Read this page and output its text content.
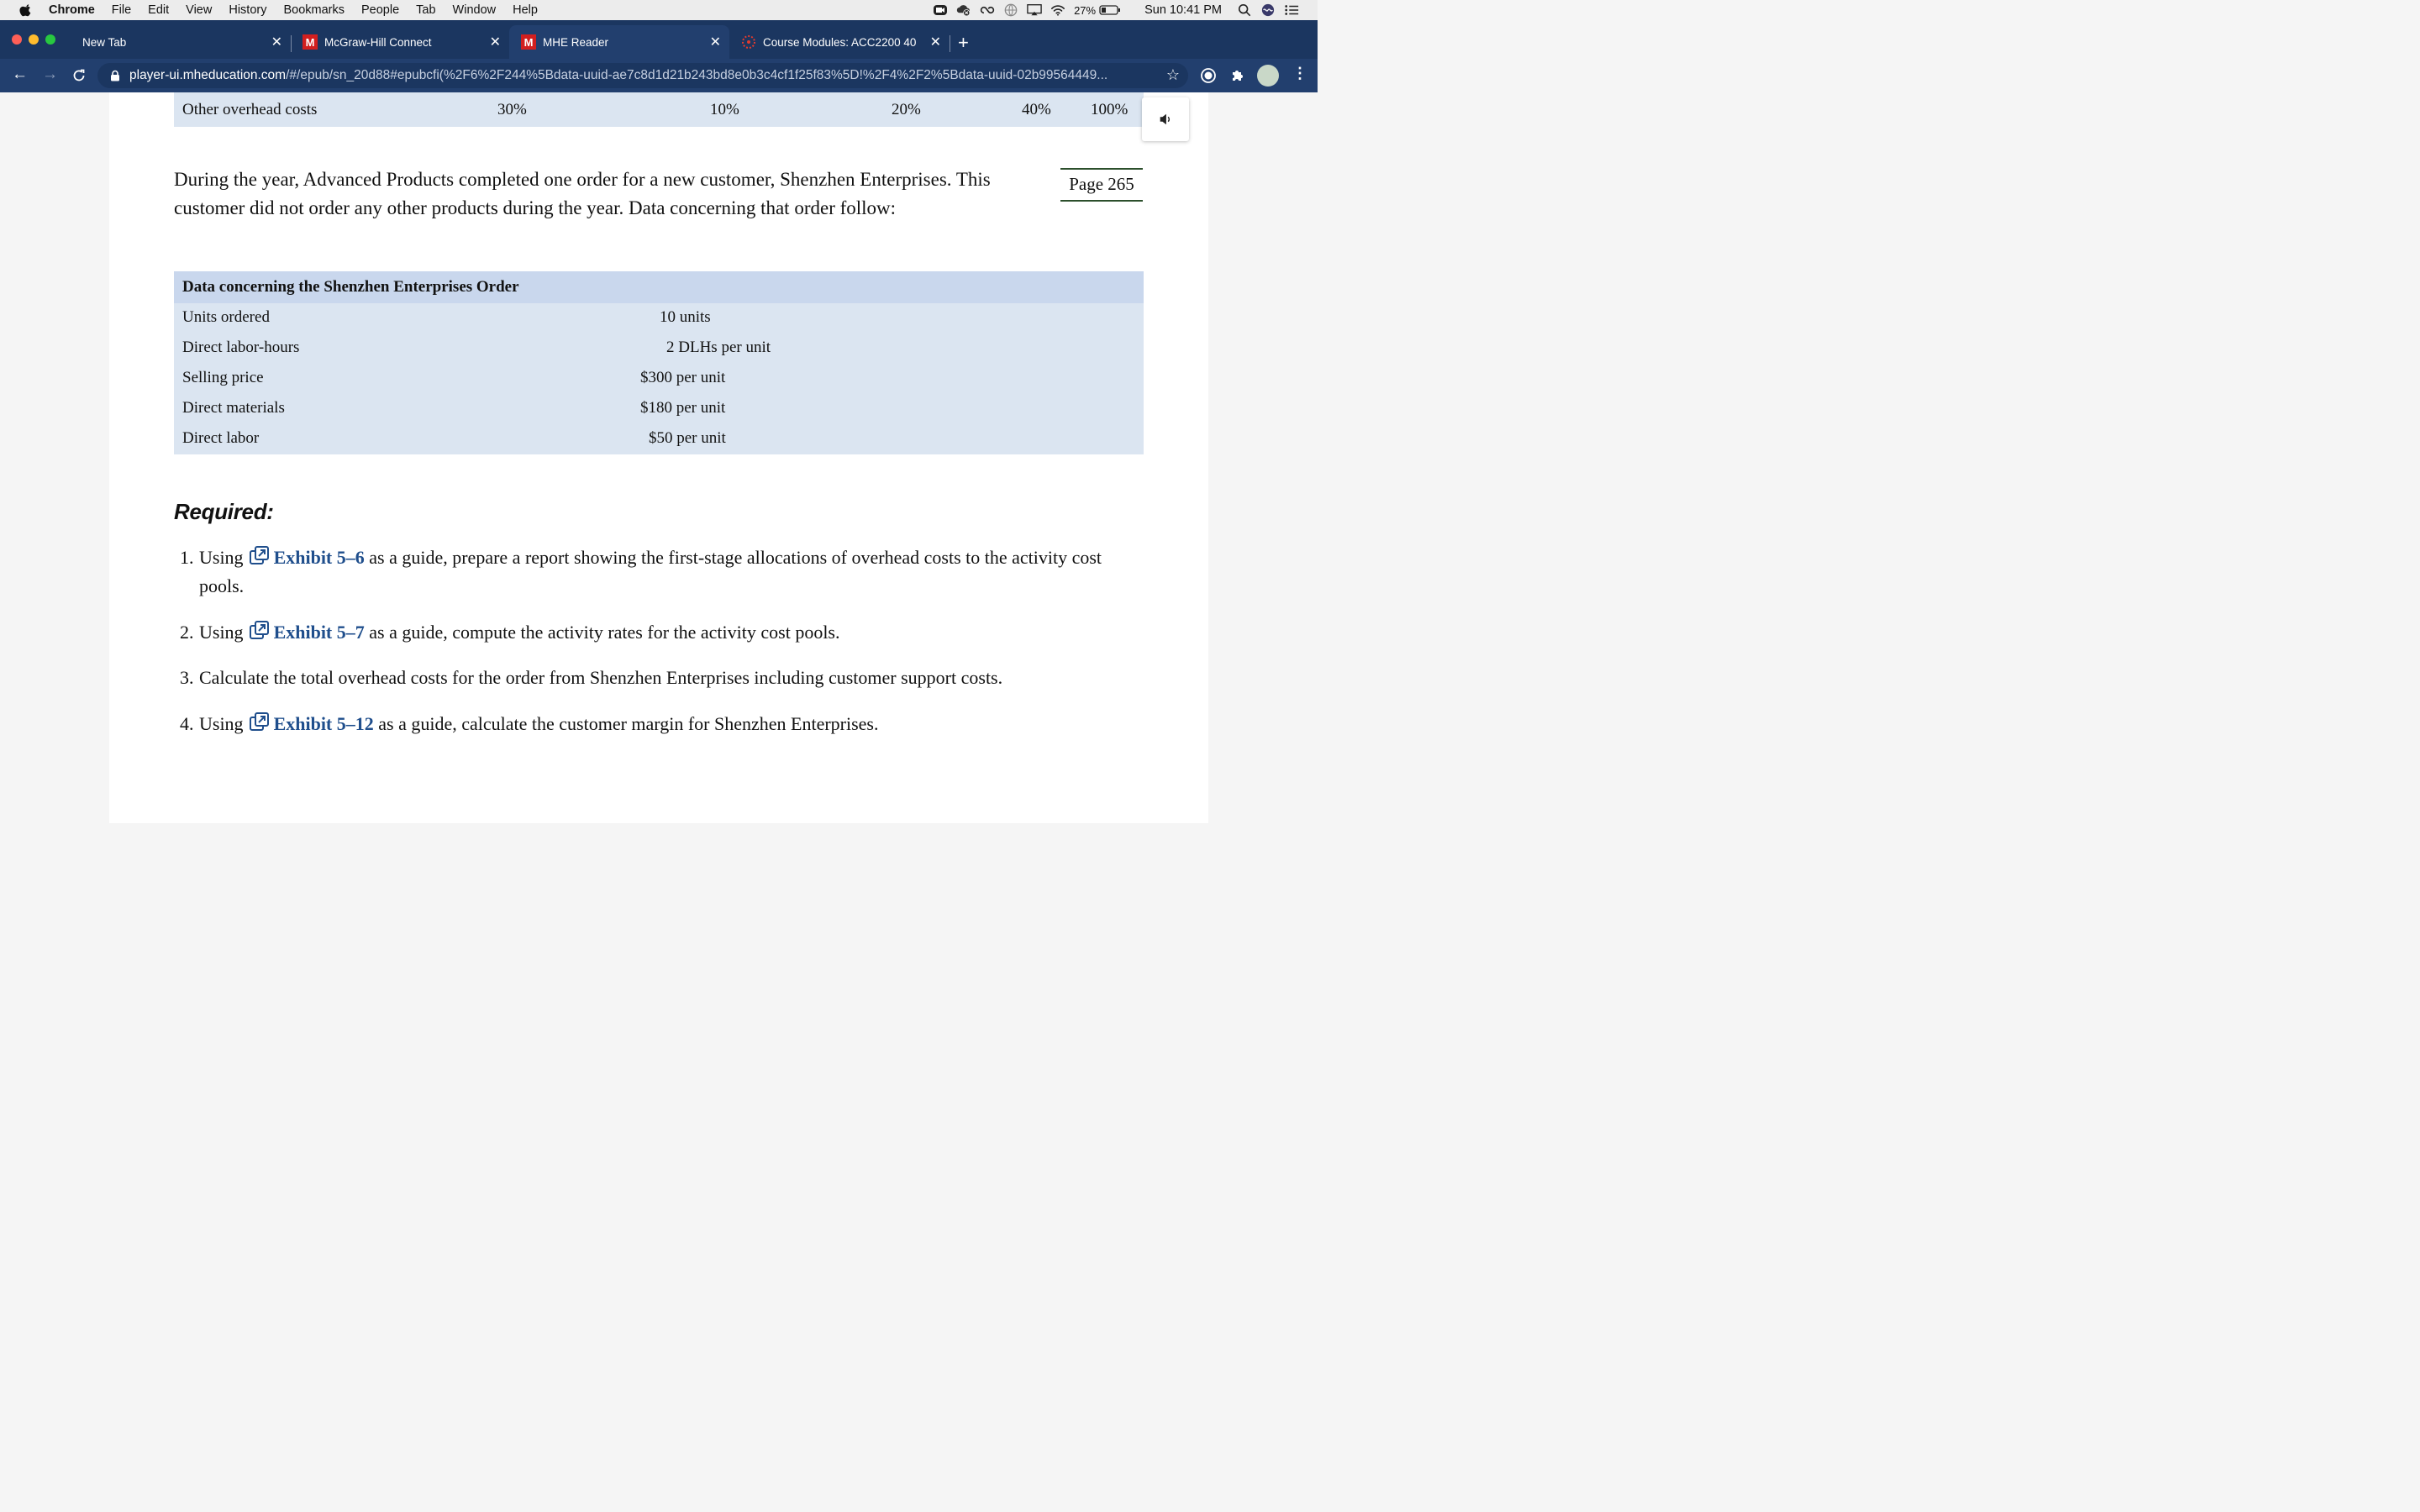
Chrome File Edit View History Bookmarks People Tab Window Help	27%	Sun 10:41 PM
New Tab	✕ M McGraw-Hill Connect	✕ M MHE Reader	✕	Course Modules: ACC2200 40	✕ +
← →	player-ui.mheducation.com/#/epub/sn_20d88#epubcfi(%2F6%2F244%5Bdata-uuid-ae7c8d1d21b243bd8e0b3c4cf1f25f83%5D!%2F4%2F2%5Bdata-uuid-02b99564449...	☆	⋮
Other overhead costs	30%	10%	20%	40% 100%
During the year, Advanced Products completed one order for a new customer, Shenzhen Enterprises. This customer did not order any other products during the year. Data concerning that order follow:
Page 265
Data concerning the Shenzhen Enterprises Order
Units ordered	10 units
Direct labor-hours	2 DLHs per unit
Selling price	$300 per unit
Direct materials	$180 per unit
Direct labor	$50 per unit
Required:
1. Using Exhibit 5–6 as a guide, prepare a report showing the first-stage allocations of overhead costs to the activity cost pools.
2. Using Exhibit 5–7 as a guide, compute the activity rates for the activity cost pools.
3. Calculate the total overhead costs for the order from Shenzhen Enterprises including customer support costs.
4. Using Exhibit 5–12 as a guide, calculate the customer margin for Shenzhen Enterprises.
